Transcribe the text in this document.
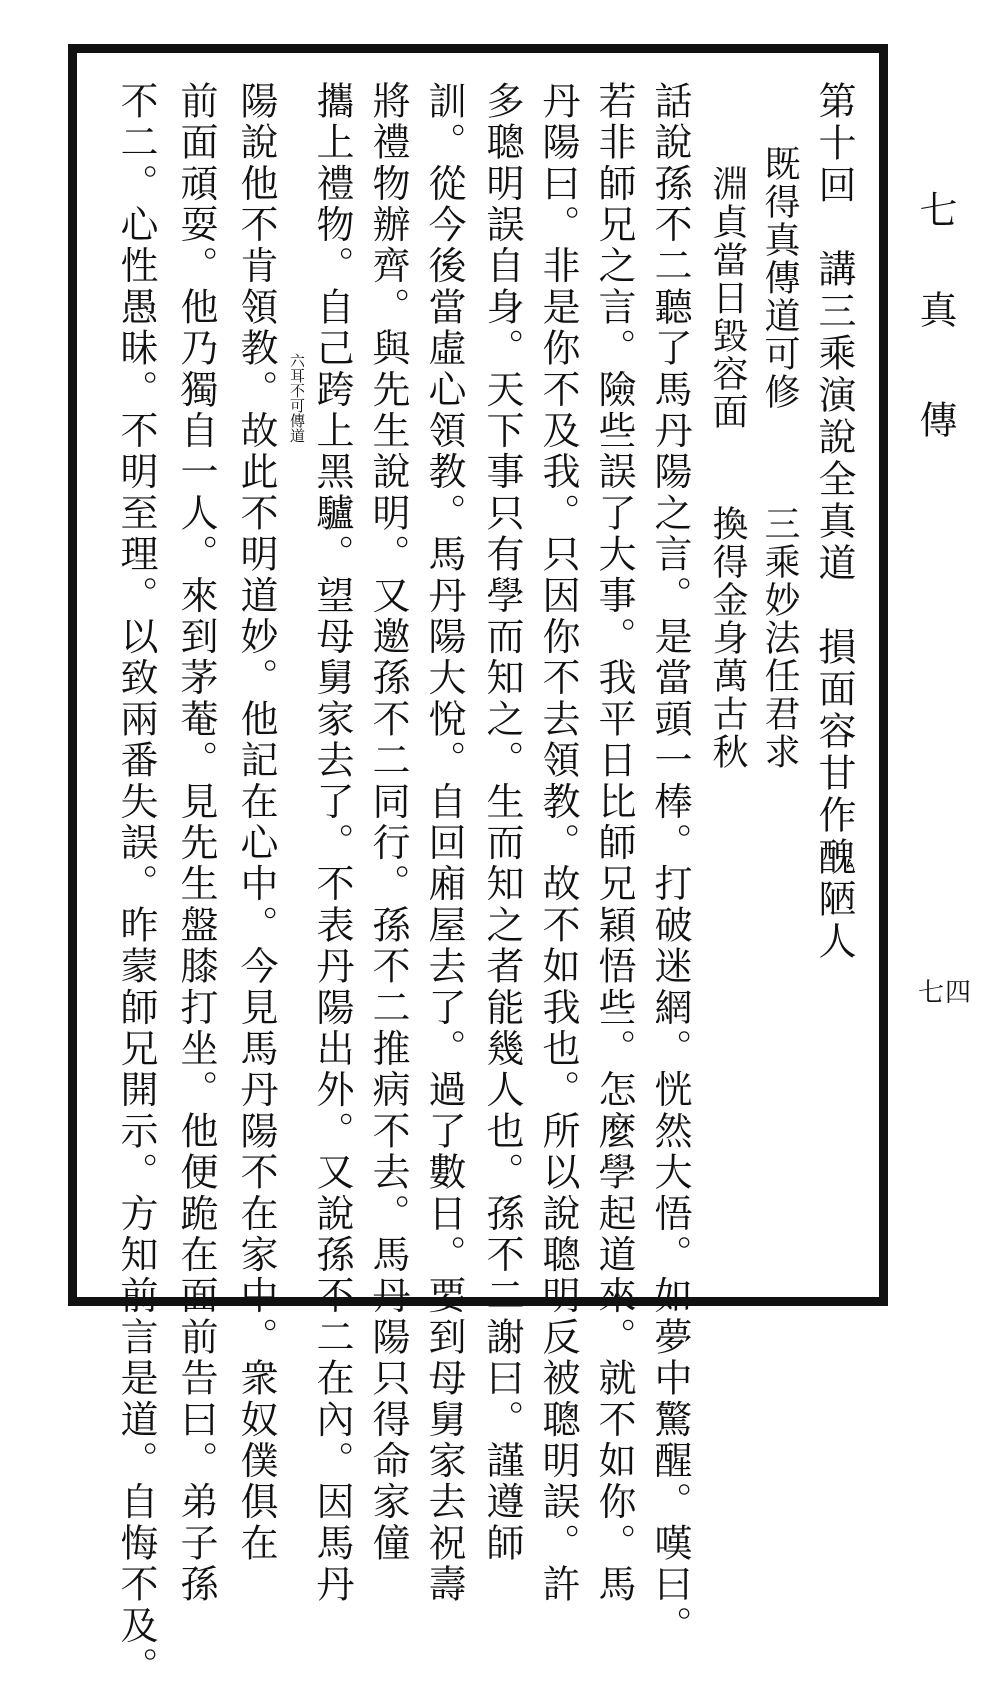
第十回　講三乘演說全真道　損面容甘作醜陋人
既得真傳道可修
三乘妙法任君求
淵貞當日毀容面
換得金身萬古秋
話說孫不二聽了馬丹陽之言。是當頭一棒。打破迷網。恍然大悟。如夢中驚醒。嘆曰。
若非師兄之言。險些誤了大事。我平日比師兄穎悟些。怎麼學起道來。就不如你。馬
丹陽曰。非是你不及我。只因你不去領教。故不如我也。所以說聰明反被聰明誤。許
多聰明誤自身。天下事只有學而知之。生而知之者能幾人也。孫不二謝曰。謹遵師
訓。從今後當虛心領教。馬丹陽大悅。自回廂屋去了。過了數日。要到母舅家去祝壽
將禮物辦齊。與先生說明。又邀孫不二同行。孫不二推病不去。馬丹陽只得命家僮
攜上禮物。自己跨上黑驢。望母舅家去了。不表丹陽出外。又說孫不二在內。因馬丹
陽說他不肯領教。故此不明道妙。他記在心中。今見馬丹陽不在家中。衆奴僕俱在
前面頑耍。他乃獨自一人。來到茅菴。見先生盤膝打坐。他便跪在面前告曰。弟子孫
不二。心性愚昧。不明至理。以致兩番失誤。昨蒙師兄開示。方知前言是道。自悔不及。	六耳不可傳道
七
真
傳
七四
